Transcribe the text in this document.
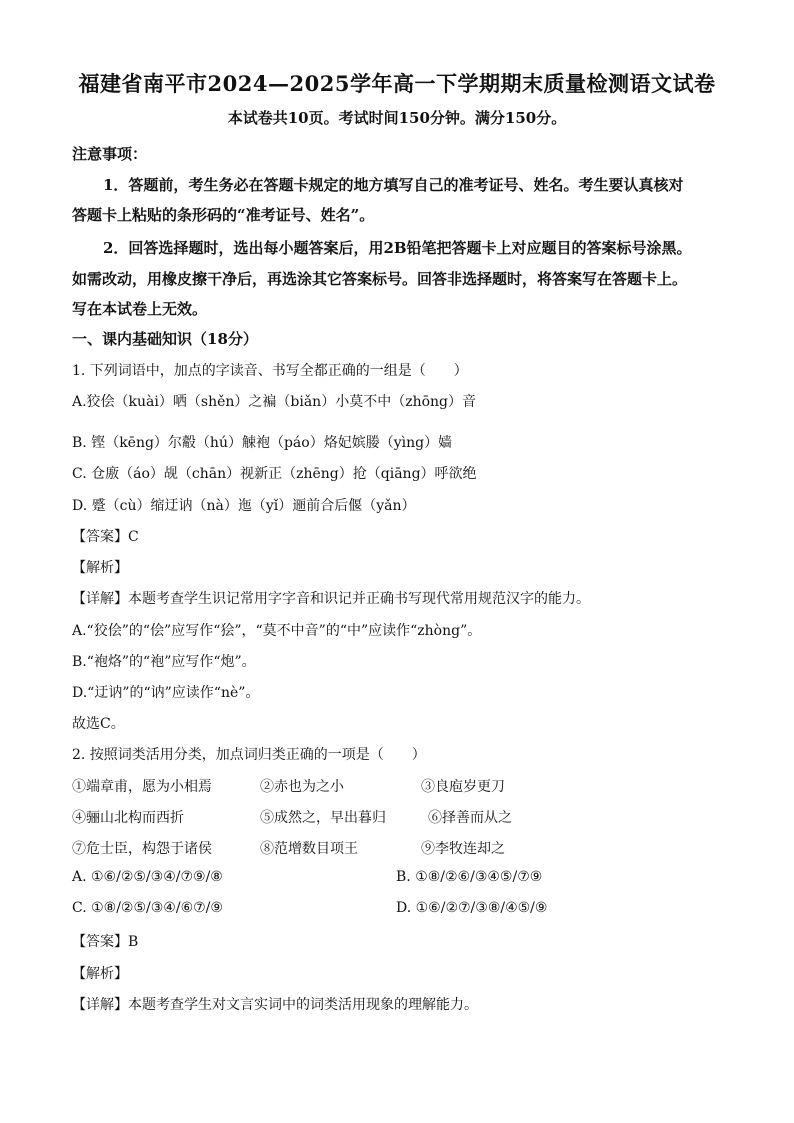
福建省南平市2024—2025学年高一下学期期末质量检测语文试卷
本试卷共10页。考试时间150分钟。满分150分。
注意事项：
1．答题前，考生务必在答题卡规定的地方填写自己的准考证号、姓名。考生要认真核对
答题卡上粘贴的条形码的“准考证号、姓名”。
2．回答选择题时，选出每小题答案后，用2B铅笔把答题卡上对应题目的答案标号涂黑。
如需改动，用橡皮擦干净后，再选涂其它答案标号。回答非选择题时，将答案写在答题卡上。
写在本试卷上无效。
一、课内基础知识（18分）
1. 下列词语中，加点的字读音、书写全都正确的一组是（　　）
A.狡侩（kuài）哂（shěn）之褊（biǎn）小莫不中（zhōng）音
B. 铿（kēng）尔觳（hú）觫袍（páo）烙妃嫔媵（yìng）嫱
C. 仓廒（áo）觇（chān）视新正（zhēng）抢（qiāng）呼欲绝
D. 蹙（cù）缩迂讷（nà）迤（yǐ）逦前合后偃（yǎn）
【答案】C
【解析】
【详解】本题考查学生识记常用字字音和识记并正确书写现代常用规范汉字的能力。
A.“狡侩”的“侩”应写作“狯”，“莫不中音”的“中”应读作“zhòng”。
B.“袍烙”的“袍”应写作“炮”。
D.“迂讷”的“讷”应读作“nè”。
故选C。
2. 按照词类活用分类，加点词归类正确的一项是（　　）
①端章甫，愿为小相焉	②赤也为之小	③良庖岁更刀
④骊山北构而西折	⑤成然之，早出暮归	⑥择善而从之
⑦危士臣，构怨于诸侯	⑧范增数目项王	⑨李牧连却之
A. ①⑥/②⑤/③④/⑦⑨/⑧	B. ①⑧/②⑥/③④⑤/⑦⑨
C. ①⑧/②⑤/③④/⑥⑦/⑨	D. ①⑥/②⑦/③⑧/④⑤/⑨
【答案】B
【解析】
【详解】本题考查学生对文言实词中的词类活用现象的理解能力。
